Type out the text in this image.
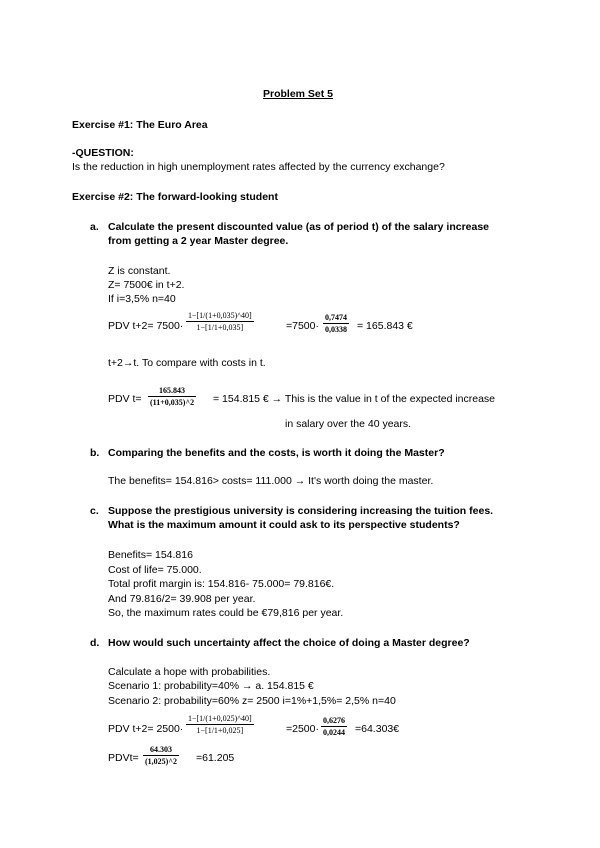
Problem Set 5
Exercise #1: The Euro Area
-QUESTION:
Is the reduction in high unemployment rates affected by the currency exchange?
Exercise #2: The forward-looking student
a. Calculate the present discounted value (as of period t) of the salary increase
from getting a 2 year Master degree.
Z is constant.
Z= 7500€ in t+2.
If i=3,5% n=40
PDV $t+2= 7500\cdot \frac{1-[1/(1+0,035)\^{}40]}{1-[1/1+0,035]}$	$=7500\cdot \frac{0,7474}{0,0338} = 165.843$ €
t+2→t. To compare with costs in t.
PDV $t= \frac{165.843}{(11+0,035)\^{}2} = 154.815$ € → This is the value in t of the expected increase
in salary over the 40 years.
b. Comparing the benefits and the costs, is worth it doing the Master?
The benefits= 154.816> costs= 111.000 → It's worth doing the master.
c. Suppose the prestigious university is considering increasing the tuition fees.
What is the maximum amount it could ask to its perspective students?
Benefits= 154.816
Cost of life= 75.000.
Total profit margin is: 154.816- 75.000= 79.816€.
And 79.816/2= 39.908 per year.
So, the maximum rates could be €79,816 per year.
d. How would such uncertainty affect the choice of doing a Master degree?
Calculate a hope with probabilities.
Scenario 1: probability=40% → a. 154.815 €
Scenario 2: probability=60% z= 2500 i=1%+1,5%= 2,5% n=40
PDV $t+2= 2500\cdot \frac{1-[1/(1+0,025)\^{}40]}{1-[1/1+0,025]}$	$=2500\cdot \frac{0,6276}{0,0244}$ =64.303€
PDVt= $\frac{64.303}{(1,025)\^{}2} =61.205$
